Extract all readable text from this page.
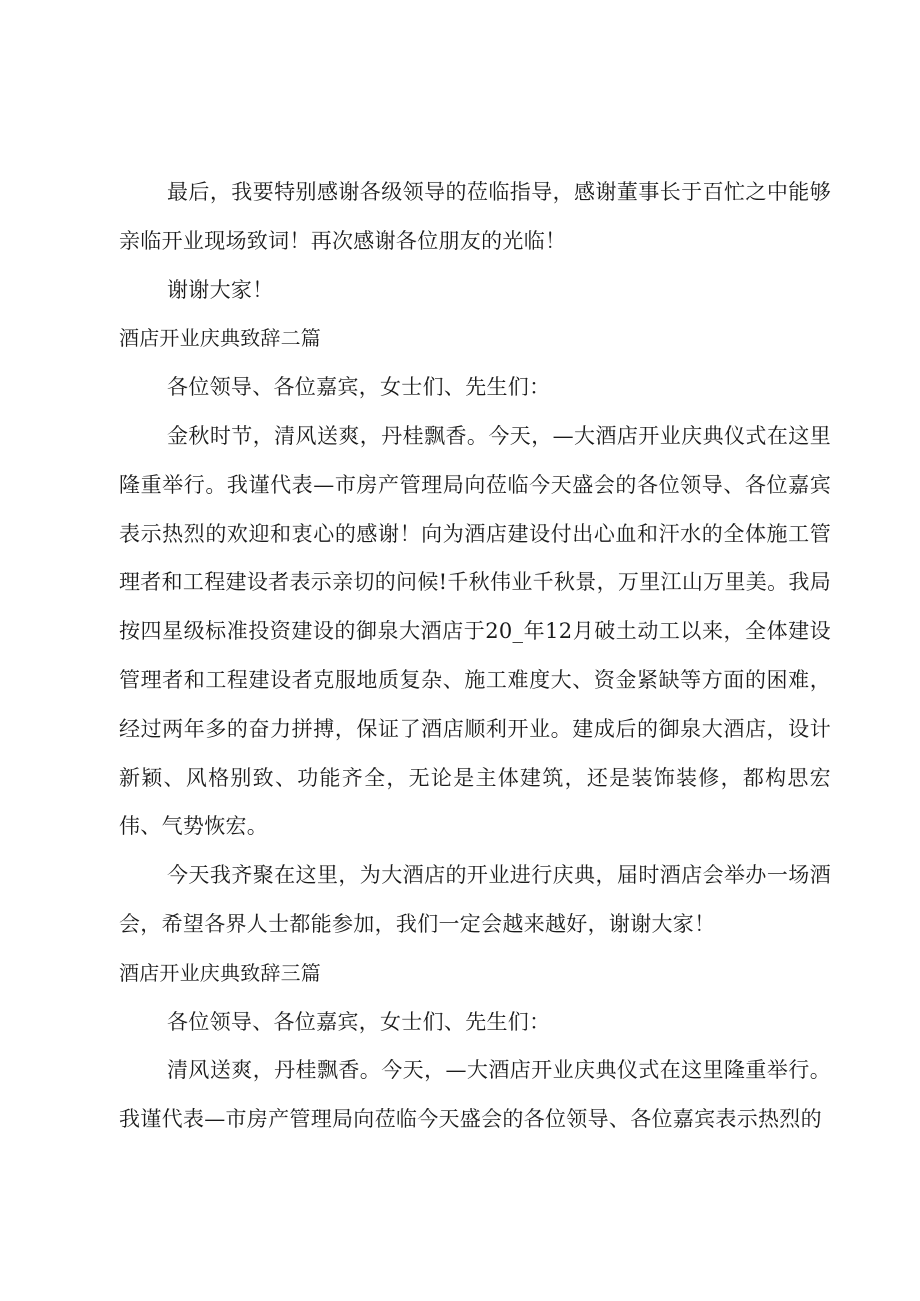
最后，我要特别感谢各级领导的莅临指导，感谢董事长于百忙之中能够亲临开业现场致词！再次感谢各位朋友的光临！

谢谢大家！

酒店开业庆典致辞二篇

各位领导、各位嘉宾，女士们、先生们：

金秋时节，清风送爽，丹桂飘香。今天，—大酒店开业庆典仪式在这里隆重举行。我谨代表—市房产管理局向莅临今天盛会的各位领导、各位嘉宾表示热烈的欢迎和衷心的感谢！向为酒店建设付出心血和汗水的全体施工管理者和工程建设者表示亲切的问候!千秋伟业千秋景，万里江山万里美。我局按四星级标准投资建设的御泉大酒店于20_年12月破土动工以来，全体建设管理者和工程建设者克服地质复杂、施工难度大、资金紧缺等方面的困难，经过两年多的奋力拼搏，保证了酒店顺利开业。建成后的御泉大酒店，设计新颖、风格别致、功能齐全，无论是主体建筑，还是装饰装修，都构思宏伟、气势恢宏。

今天我齐聚在这里，为大酒店的开业进行庆典，届时酒店会举办一场酒会，希望各界人士都能参加，我们一定会越来越好，谢谢大家！

酒店开业庆典致辞三篇

各位领导、各位嘉宾，女士们、先生们：

清风送爽，丹桂飘香。今天，—大酒店开业庆典仪式在这里隆重举行。我谨代表—市房产管理局向莅临今天盛会的各位领导、各位嘉宾表示热烈的
